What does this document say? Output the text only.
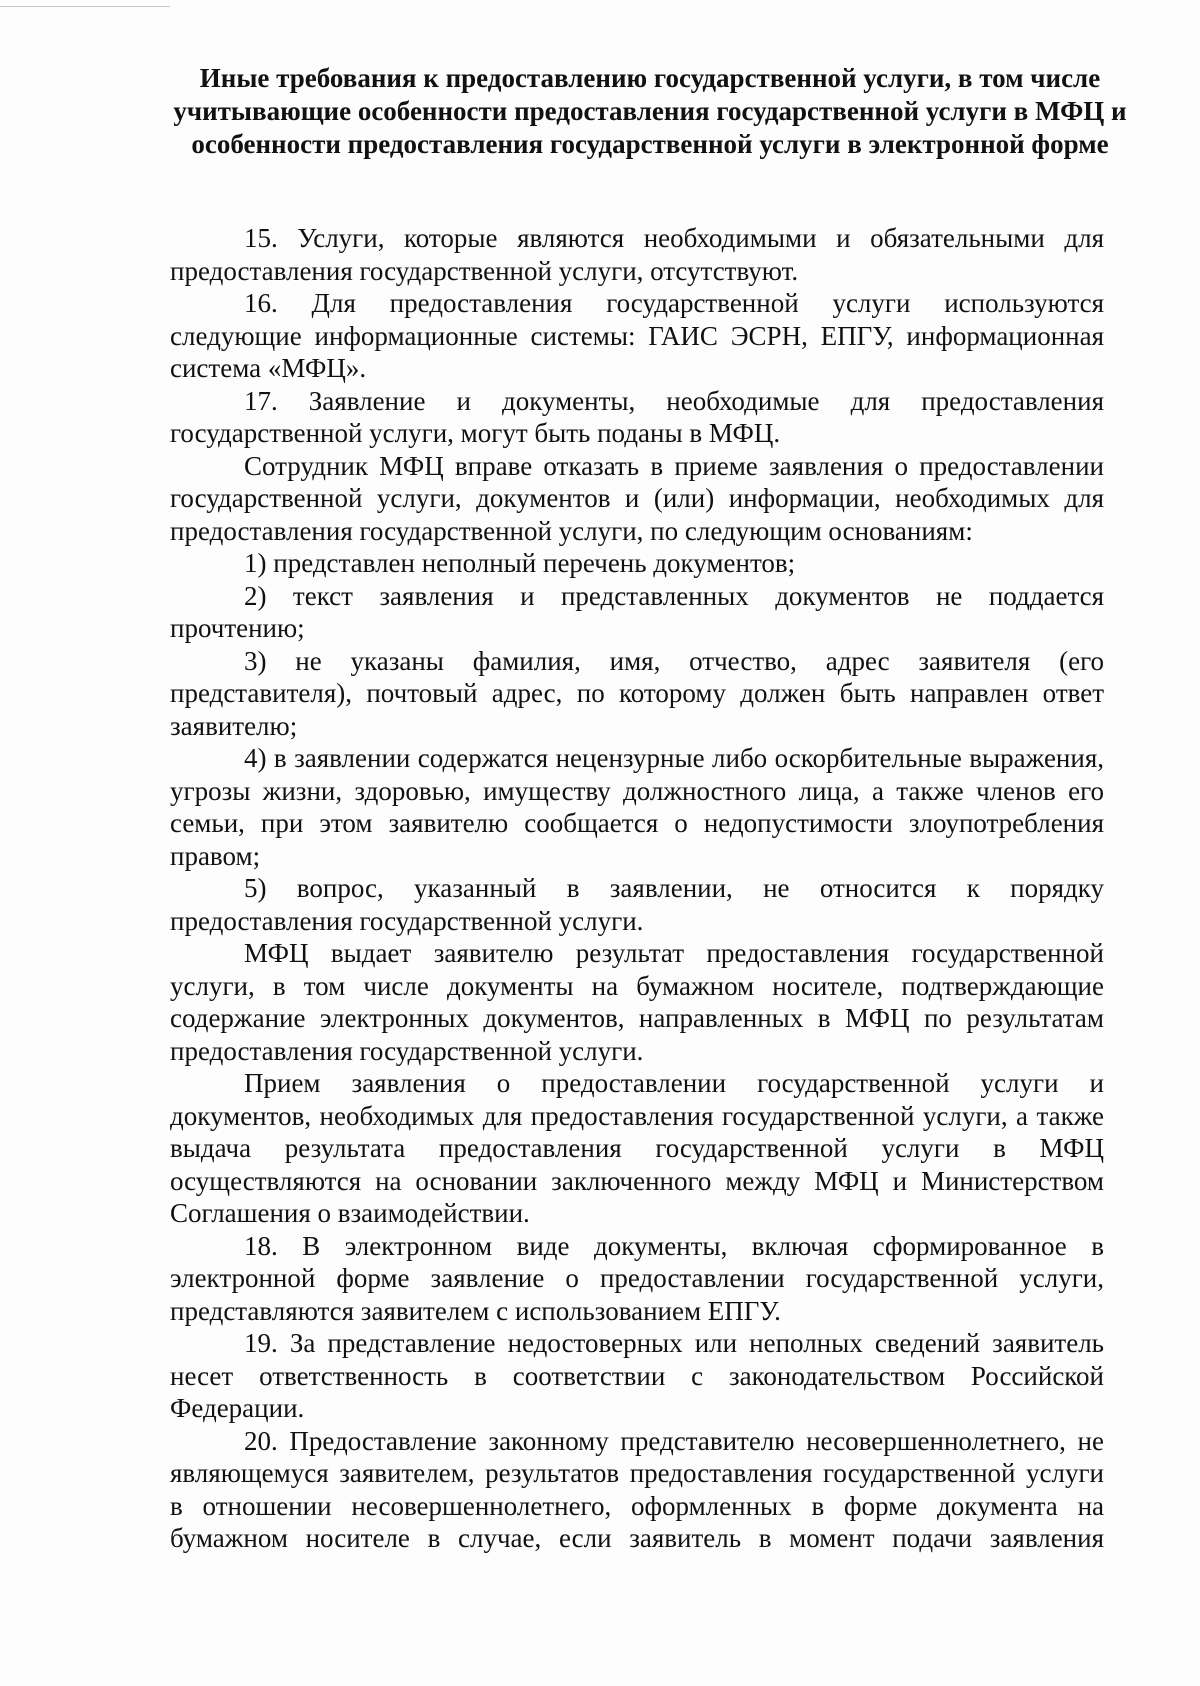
Иные требования к предоставлению государственной услуги, в том числе учитывающие особенности предоставления государственной услуги в МФЦ и особенности предоставления государственной услуги в электронной форме

15. Услуги, которые являются необходимыми и обязательными для предоставления государственной услуги, отсутствуют.

16. Для предоставления государственной услуги используются следующие информационные системы: ГАИС ЭСРН, ЕПГУ, информационная система «МФЦ».

17. Заявление и документы, необходимые для предоставления государственной услуги, могут быть поданы в МФЦ.

Сотрудник МФЦ вправе отказать в приеме заявления о предоставлении государственной услуги, документов и (или) информации, необходимых для предоставления государственной услуги, по следующим основаниям:

1) представлен неполный перечень документов;

2) текст заявления и представленных документов не поддается прочтению;

3) не указаны фамилия, имя, отчество, адрес заявителя (его представителя), почтовый адрес, по которому должен быть направлен ответ заявителю;

4) в заявлении содержатся нецензурные либо оскорбительные выражения, угрозы жизни, здоровью, имуществу должностного лица, а также членов его семьи, при этом заявителю сообщается о недопустимости злоупотребления правом;

5) вопрос, указанный в заявлении, не относится к порядку предоставления государственной услуги.

МФЦ выдает заявителю результат предоставления государственной услуги, в том числе документы на бумажном носителе, подтверждающие содержание электронных документов, направленных в МФЦ по результатам предоставления государственной услуги.

Прием заявления о предоставлении государственной услуги и документов, необходимых для предоставления государственной услуги, а также выдача результата предоставления государственной услуги в МФЦ осуществляются на основании заключенного между МФЦ и Министерством Соглашения о взаимодействии.

18. В электронном виде документы, включая сформированное в электронной форме заявление о предоставлении государственной услуги, представляются заявителем с использованием ЕПГУ.

19. За представление недостоверных или неполных сведений заявитель несет ответственность в соответствии с законодательством Российской Федерации.

20. Предоставление законному представителю несовершеннолетнего, не являющемуся заявителем, результатов предоставления государственной услуги в отношении несовершеннолетнего, оформленных в форме документа на бумажном носителе в случае, если заявитель в момент подачи заявления
